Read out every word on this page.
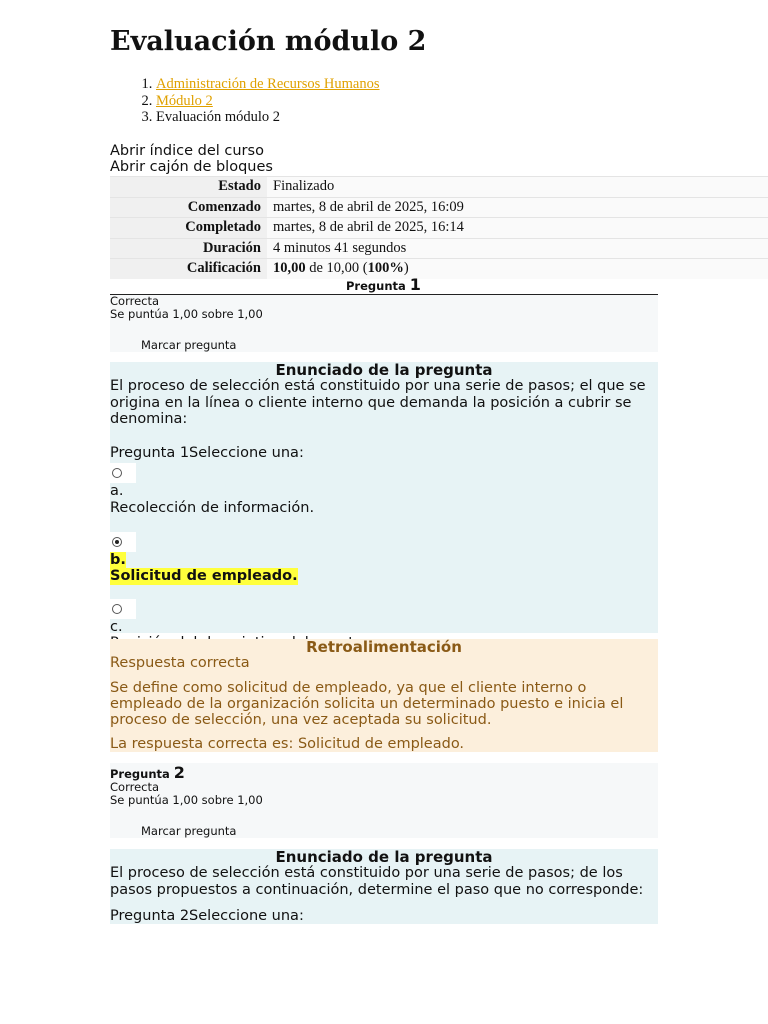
Evaluación módulo 2
1. Administración de Recursos Humanos
2. Módulo 2
3. Evaluación módulo 2
Abrir índice del curso
Abrir cajón de bloques
Estado	Finalizado
Comenzado	martes, 8 de abril de 2025, 16:09
Completado	martes, 8 de abril de 2025, 16:14
Duración	4 minutos 41 segundos
Calificación	10,00 de 10,00 (100%)
Pregunta 1
Correcta
Se puntúa 1,00 sobre 1,00
Marcar pregunta
Enunciado de la pregunta
El proceso de selección está constituido por una serie de pasos; el que se origina en la línea o cliente interno que demanda la posición a cubrir se denomina:
Pregunta 1Seleccione una:
a.
Recolección de información.
b.
Solicitud de empleado.
c.
Retroalimentación
Respuesta correcta
Se define como solicitud de empleado, ya que el cliente interno o empleado de la organización solicita un determinado puesto e inicia el proceso de selección, una vez aceptada su solicitud.
La respuesta correcta es: Solicitud de empleado.
Pregunta 2
Correcta
Se puntúa 1,00 sobre 1,00
Marcar pregunta
Enunciado de la pregunta
El proceso de selección está constituido por una serie de pasos; de los pasos propuestos a continuación, determine el paso que no corresponde:
Pregunta 2Seleccione una:
